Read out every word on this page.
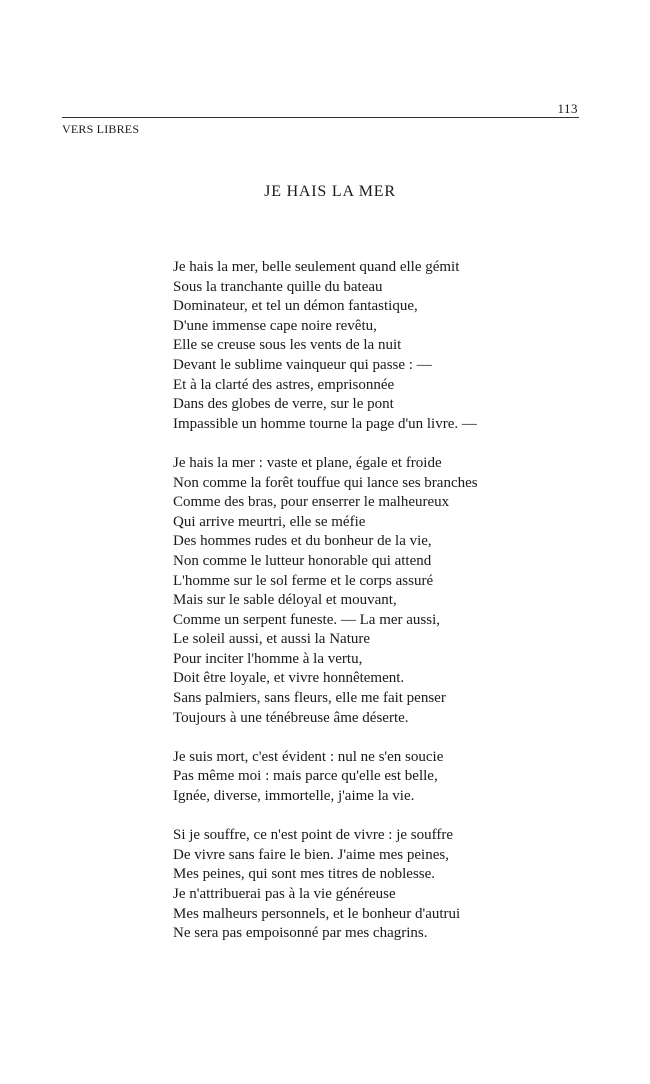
113
VERS LIBRES
JE HAIS LA MER
Je hais la mer, belle seulement quand elle gémit
Sous la tranchante quille du bateau
Dominateur, et tel un démon fantastique,
D'une immense cape noire revêtu,
Elle se creuse sous les vents de la nuit
Devant le sublime vainqueur qui passe : —
Et à la clarté des astres, emprisonnée
Dans des globes de verre, sur le pont
Impassible un homme tourne la page d'un livre. —
Je hais la mer : vaste et plane, égale et froide
Non comme la forêt touffue qui lance ses branches
Comme des bras, pour enserrer le malheureux
Qui arrive meurtri, elle se méfie
Des hommes rudes et du bonheur de la vie,
Non comme le lutteur honorable qui attend
L'homme sur le sol ferme et le corps assuré
Mais sur le sable déloyal et mouvant,
Comme un serpent funeste. — La mer aussi,
Le soleil aussi, et aussi la Nature
Pour inciter l'homme à la vertu,
Doit être loyale, et vivre honnêtement.
Sans palmiers, sans fleurs, elle me fait penser
Toujours à une ténébreuse âme déserte.
Je suis mort, c'est évident : nul ne s'en soucie
Pas même moi : mais parce qu'elle est belle,
Ignée, diverse, immortelle, j'aime la vie.
Si je souffre, ce n'est point de vivre : je souffre
De vivre sans faire le bien. J'aime mes peines,
Mes peines, qui sont mes titres de noblesse.
Je n'attribuerai pas à la vie généreuse
Mes malheurs personnels, et le bonheur d'autrui
Ne sera pas empoisonné par mes chagrins.
